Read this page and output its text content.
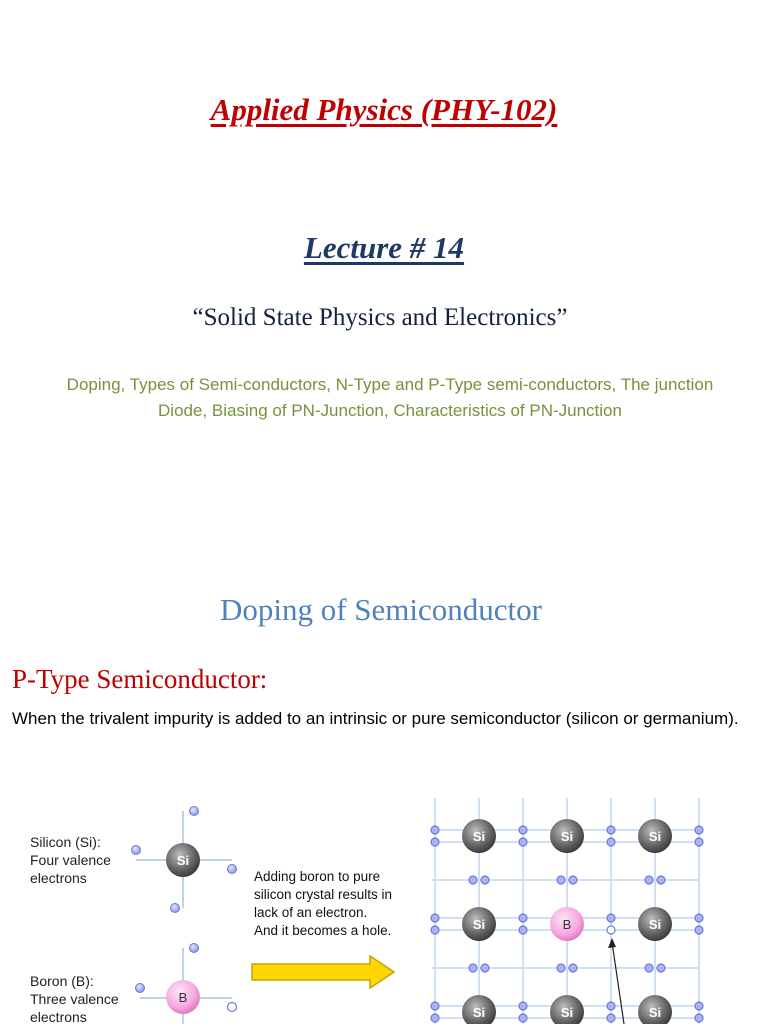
Applied Physics (PHY-102)
Lecture # 14
“Solid State Physics and Electronics”
Doping, Types of Semi-conductors, N-Type and P-Type semi-conductors, The junction Diode, Biasing of PN-Junction, Characteristics of PN-Junction
Doping of Semiconductor
P-Type Semiconductor:
When the trivalent impurity is added to an intrinsic or pure semiconductor (silicon or germanium).
Silicon (Si): Four valence electrons
Boron (B): Three valence electrons
Adding boron to pure silicon crystal results in lack of an electron. And it becomes a hole.
Si
B
Si	Si	Si
Si	B	Si
Si	Si	Si
